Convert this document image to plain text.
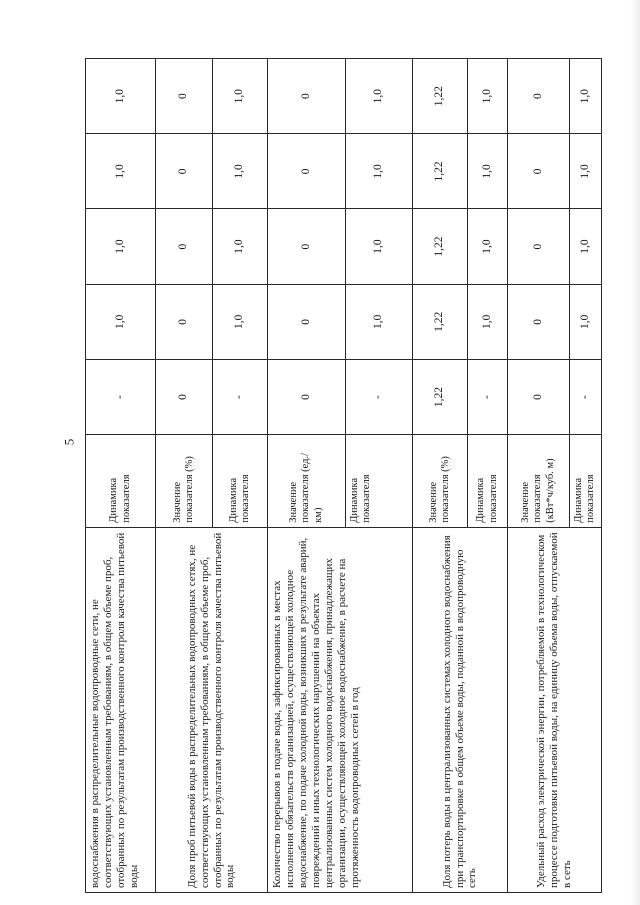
5
водоснабжения в распределительные водопроводные сети, не соответствующих установленным требованиям, в общем объеме проб, отобранных по результатам производственного контроля качества питьевой воды	Динамика показателя	-	1,0	1,0	1,0	1,0
Доля проб питьевой воды в распределительных водопроводных сетях, не соответствующих установленным требованиям, в общем объеме проб, отобранных по результатам производственного контроля качества питьевой воды	Значение показателя (%)	0	0	0	0	0
	Динамика показателя	-	1,0	1,0	1,0	1,0
Количество перерывов в подаче воды, зафиксированных в местах исполнения обязательств организацией, осуществляющей холодное водоснабжение, по подаче холодной воды, возникших в результате аварий, повреждений и иных технологических нарушений на объектах централизованных систем холодного водоснабжения, принадлежащих организации, осуществляющей холодное водоснабжение, в расчете на протяженность водопроводных сетей в год	Значение показателя (ед./км)	0	0	0	0	0
	Динамика показателя	-	1,0	1,0	1,0	1,0
Доля потерь воды в централизованных системах холодного водоснабжения при транспортировке в общем объеме воды, поданной в водопроводную сеть	Значение показателя (%)	1,22	1,22	1,22	1,22	1,22
	Динамика показателя	-	1,0	1,0	1,0	1,0
Удельный расход электрической энергии, потребляемой в технологическом процессе подготовки питьевой воды, на единицу объема воды, отпускаемой в сеть	Значение показателя (кВт*ч/куб. м)	0	0	0	0	0
	Динамика показателя	-	1,0	1,0	1,0	1,0
